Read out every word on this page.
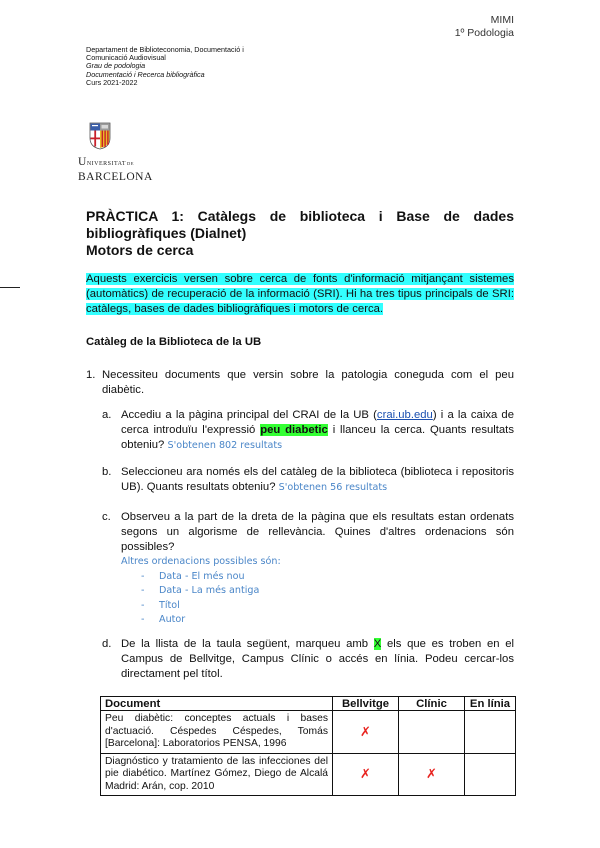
MIMI
1º Podologia
Departament de Biblioteconomia, Documentació i
Comunicació Audiovisual
Grau de podologia
Documentació i Recerca bibliogràfica
Curs 2021-2022
UNIVERSITATDE
BARCELONA
PRÀCTICA 1: Catàlegs de biblioteca i Base de dades bibliogràfiques (Dialnet)
Motors de cerca
Aquests exercicis versen sobre cerca de fonts d'informació mitjançant sistemes (automàtics) de recuperació de la informació (SRI). Hi ha tres tipus principals de SRI: catàlegs, bases de dades bibliogràfiques i motors de cerca.
Catàleg de la Biblioteca de la UB
1. Necessiteu documents que versin sobre la patologia coneguda com el peu diabètic.
a. Accediu a la pàgina principal del CRAI de la UB (crai.ub.edu) i a la caixa de cerca introduïu l'expressió peu diabetic i llanceu la cerca. Quants resultats obteniu? S'obtenen 802 resultats
b. Seleccioneu ara només els del catàleg de la biblioteca (biblioteca i repositoris UB). Quants resultats obteniu? S'obtenen 56 resultats
c. Observeu a la part de la dreta de la pàgina que els resultats estan ordenats segons un algorisme de rellevància. Quines d'altres ordenacions són possibles?
Altres ordenacions possibles són:
- Data - El més nou
- Data - La més antiga
- Títol
- Autor
d. De la llista de la taula següent, marqueu amb X els que es troben en el Campus de Bellvitge, Campus Clínic o accés en línia. Podeu cercar-los directament pel títol.
Document	Bellvitge	Clínic	En línia
Peu diabètic: conceptes actuals i bases d'actuació. Céspedes Céspedes, Tomás [Barcelona]: Laboratorios PENSA, 1996	✗		
Diagnóstico y tratamiento de las infecciones del pie diabético. Martínez Gómez, Diego de Alcalá Madrid: Arán, cop. 2010	✗	✗	
